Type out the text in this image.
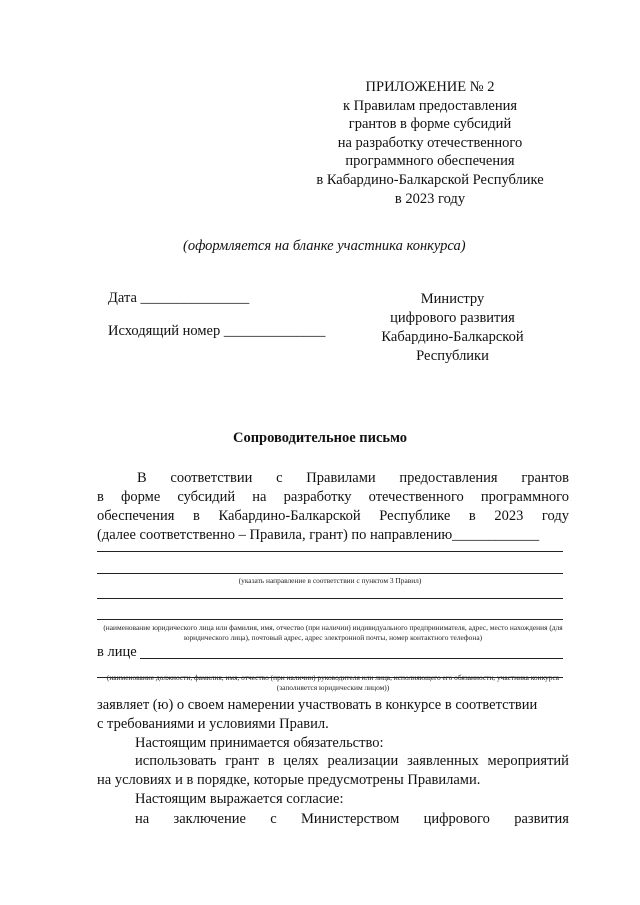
ПРИЛОЖЕНИЕ № 2
к Правилам предоставления
грантов в форме субсидий
на разработку отечественного
программного обеспечения
в Кабардино-Балкарской Республике
в 2023 году
(оформляется на бланке участника конкурса)
Дата _______________
Исходящий номер ______________
Министру
цифрового развития
Кабардино-Балкарской
Республики
Сопроводительное письмо
В соответствии с Правилами предоставления грантов
в форме субсидий на разработку отечественного программного
обеспечения в Кабардино-Балкарской Республике в 2023 году
(далее соответственно – Правила, грант) по направлению____________
(указать направление в соответствии с пунктом 3 Правил)
(наименование юридического лица или фамилия, имя, отчество (при наличии) индивидуального предпринимателя, адрес, место нахождения (для юридического лица), почтовый адрес, адрес электронной почты, номер контактного телефона)
в лице
(наименование должности, фамилия, имя, отчество (при наличии) руководителя или лица, исполняющего его обязанности, участника конкурса (заполняется юридическим лицом))
заявляет (ю) о своем намерении участвовать в конкурсе в соответствии
с требованиями и условиями Правил.
Настоящим принимается обязательство:
использовать грант в целях реализации заявленных мероприятий
на условиях и в порядке, которые предусмотрены Правилами.
Настоящим выражается согласие:
на заключение с Министерством цифрового развития
